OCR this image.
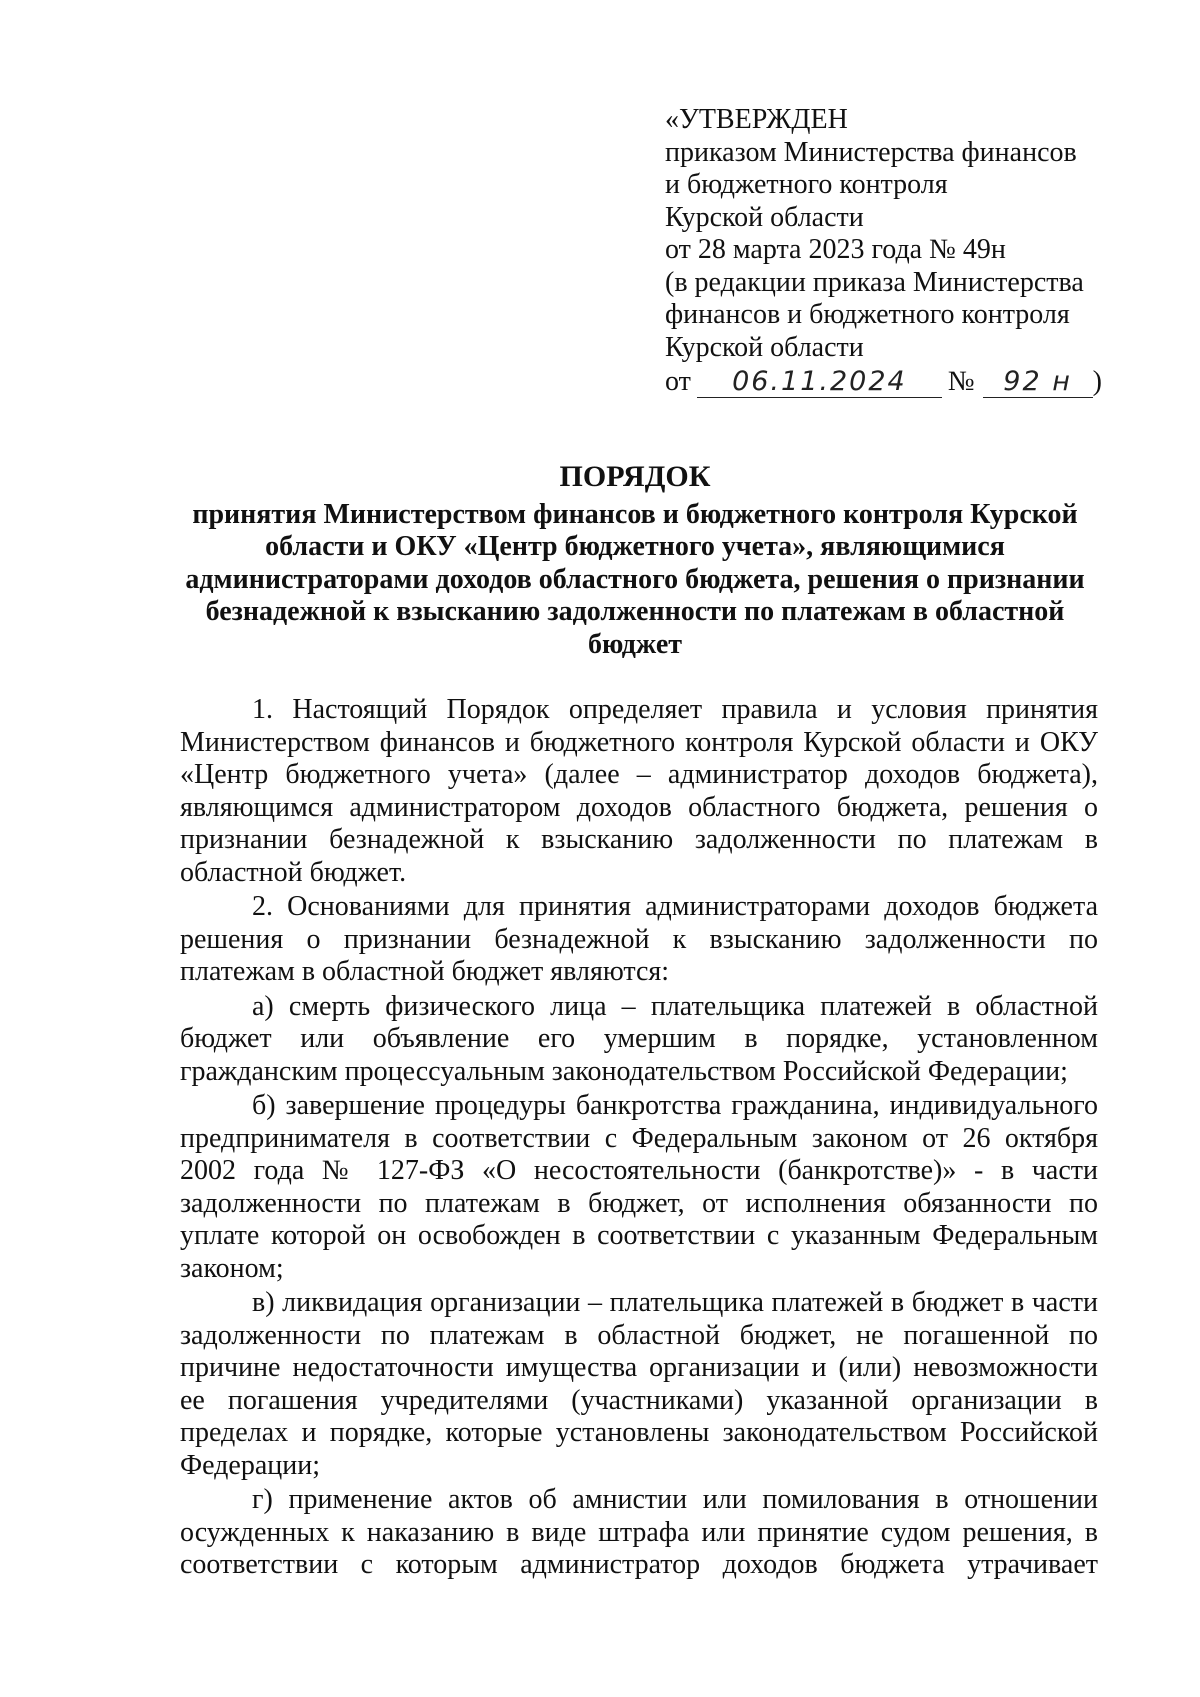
«УТВЕРЖДЕН
приказом Министерства финансов
и бюджетного контроля
Курской области
от 28 марта 2023 года № 49н
(в редакции приказа Министерства
финансов и бюджетного контроля
Курской области
от	06.11.2024	№	92 н )
ПОРЯДОК
принятия Министерством финансов и бюджетного контроля Курской
области и ОКУ «Центр бюджетного учета», являющимися
администраторами доходов областного бюджета, решения о признании
безнадежной к взысканию задолженности по платежам в областной
бюджет

1. Настоящий Порядок определяет правила и условия принятия Министерством финансов и бюджетного контроля Курской области и ОКУ «Центр бюджетного учета» (далее – администратор доходов бюджета), являющимся администратором доходов областного бюджета, решения о признании безнадежной к взысканию задолженности по платежам в областной бюджет.

2. Основаниями для принятия администраторами доходов бюджета решения о признании безнадежной к взысканию задолженности по платежам в областной бюджет являются:

а) смерть физического лица – плательщика платежей в областной бюджет или объявление его умершим в порядке, установленном гражданским процессуальным законодательством Российской Федерации;

б) завершение процедуры банкротства гражданина, индивидуального предпринимателя в соответствии с Федеральным законом от 26 октября 2002 года № 127-ФЗ «О несостоятельности (банкротстве)» - в части задолженности по платежам в бюджет, от исполнения обязанности по уплате которой он освобожден в соответствии с указанным Федеральным законом;

в) ликвидация организации – плательщика платежей в бюджет в части задолженности по платежам в областной бюджет, не погашенной по причине недостаточности имущества организации и (или) невозможности ее погашения учредителями (участниками) указанной организации в пределах и порядке, которые установлены законодательством Российской Федерации;

г) применение актов об амнистии или помилования в отношении осужденных к наказанию в виде штрафа или принятие судом решения, в соответствии с которым администратор доходов бюджета утрачивает
